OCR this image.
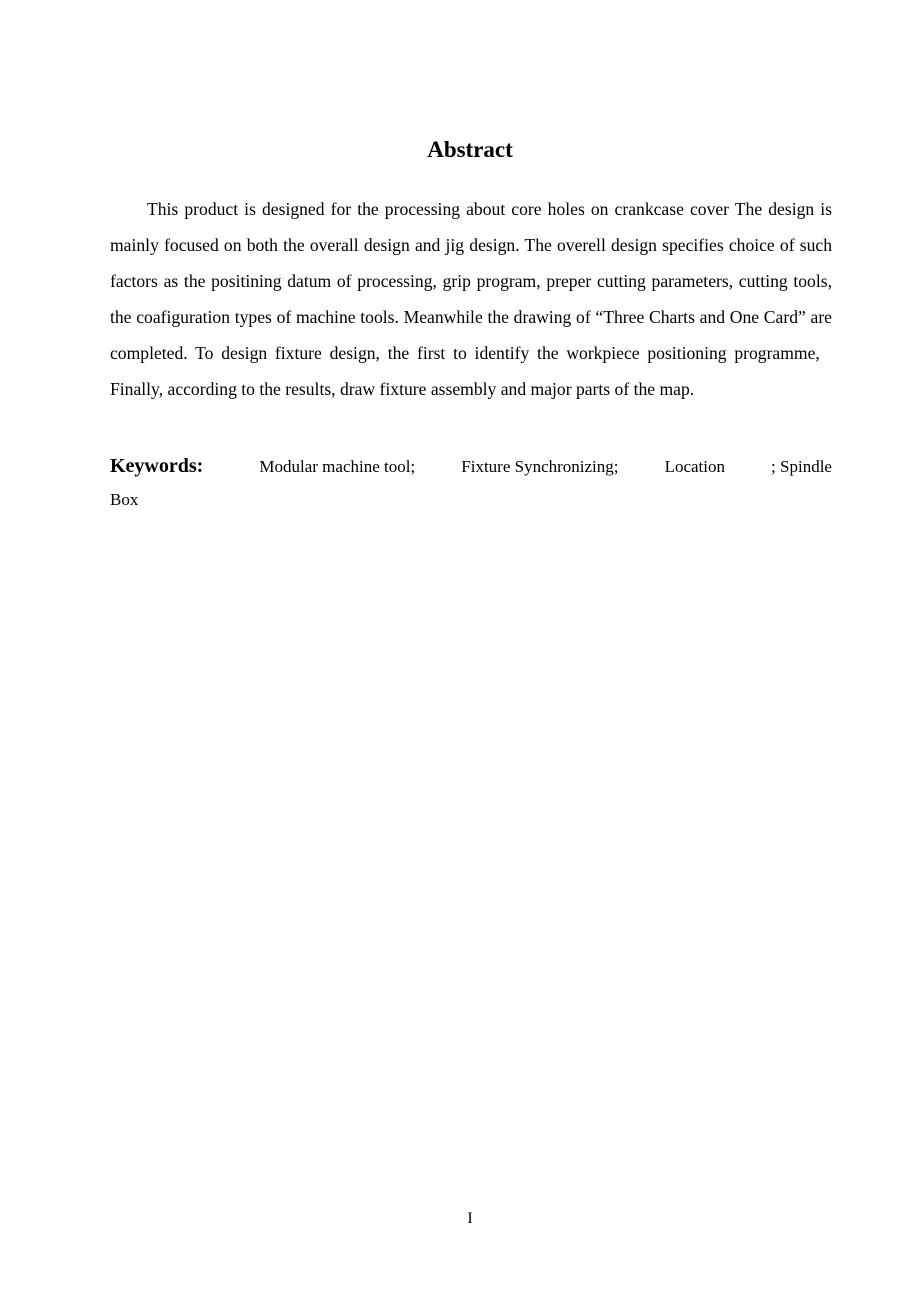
Abstract

This product is designed for the processing about core holes on crankcase cover The design is mainly focused on both the overall design and jig design. The overell design specifies choice of such factors as the positining datum of processing, grip program, preper cutting parameters, cutting tools, the coafiguration types of machine tools. Meanwhile the drawing of “Three Charts and One Card” are completed. To design fixture design, the first to identify the workpiece positioning programme,   Finally, according to the results, draw fixture assembly and major parts of the map.

Keywords:	Modular machine tool;	Fixture Synchronizing;	Location	; Spindle
Box
I
